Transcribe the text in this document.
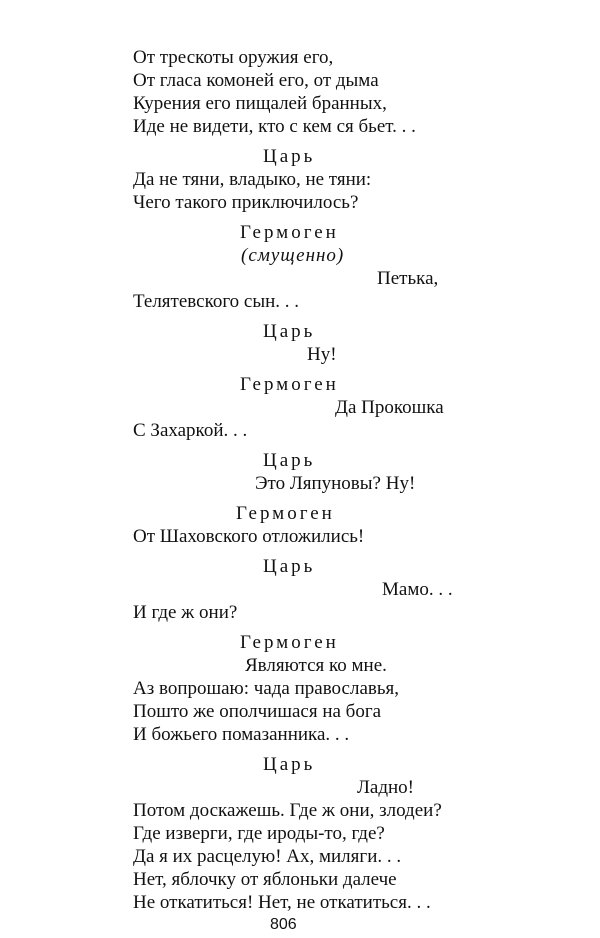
От трескоты оружия его,
От гласа комоней его, от дыма
Курения его пищалей бранных,
Иде не видети, кто с кем ся бьет. . .
Царь
Да не тяни, владыко, не тяни:
Чего такого приключилось?
Гермоген
(смущенно)
Петька,
Телятевского сын. . .
Царь
Ну!
Гермоген
Да Прокошка
С Захаркой. . .
Царь
Это Ляпуновы? Ну!
Гермоген
От Шаховского отложились!
Царь
Мамо. . .
И где ж они?
Гермоген
Являются ко мне.
Аз вопрошаю: чада православья,
Пошто же ополчишася на бога
И божьего помазанника. . .
Царь
Ладно!
Потом доскажешь. Где ж они, злодеи?
Где изверги, где ироды-то, где?
Да я их расцелую! Ах, миляги. . .
Нет, яблочку от яблоньки далече
Не откатиться! Нет, не откатиться. . .
806
